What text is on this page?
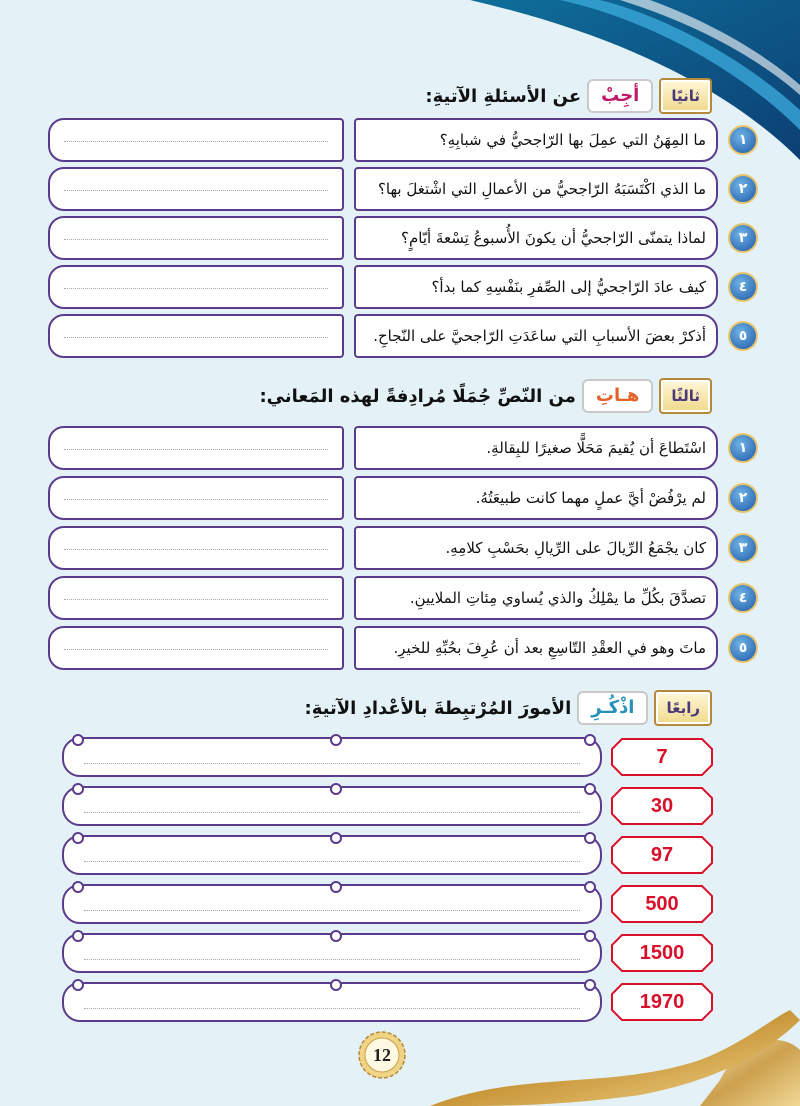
ثانيًا
أجِبْ
عن الأسئلةِ الآتيةِ:
ما المِهَنُ التي عمِلَ بها الرّاجحيُّ في شبابِهِ؟	١
ما الذي اكْتَسَبَهُ الرّاجحيُّ من الأعمالِ التي اشْتغلَ بها؟	٢
لماذا يتمنّى الرّاجحيُّ أن يكونَ الأُسبوعُ تِسْعةَ أيّامٍ؟	٣
كيف عادَ الرّاجحيُّ إلى الصِّفرِ بنَفْسِهِ كما بدأ؟	٤
أذكرْ بعضَ الأسبابِ التي ساعَدَتِ الرّاجحيَّ على النّجاحِ.	٥
ثالثًا
هـاتِ
من النّصِّ جُمَلًا مُرادِفةً لهذه المَعاني:
اسْتَطاعَ أن يُقيمَ مَحَلًّا صغيرًا للبِقالةِ.	١
لم يرْفُضْ أيَّ عملٍ مهما كانت طبيعَتُهُ.	٢
كان يجْمَعُ الرِّيالَ على الرِّيالِ بحَسْبِ كلامِهِ.	٣
تصدَّقَ بكُلِّ ما يمْلِكُ والذي يُساوي مِئاتِ الملايينِ.	٤
ماتَ وهو في العقْدِ التّاسِعِ بعد أن عُرِفَ بحُبِّهِ للخيرِ.	٥
رابعًا
اذْكُـرِ
الأمورَ المُرْتبِطةَ بالأعْدادِ الآتيةِ:
7
30
97
500
1500
1970
12
